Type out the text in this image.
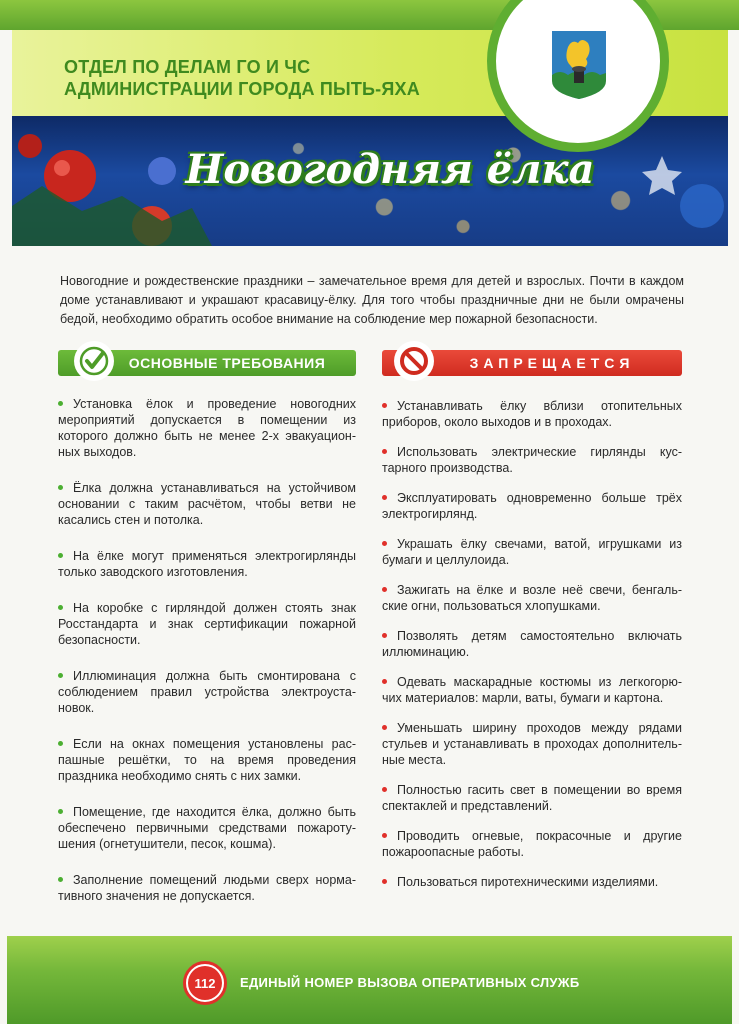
ОТДЕЛ ПО ДЕЛАМ ГО И ЧС
АДМИНИСТРАЦИИ ГОРОДА ПЫТЬ-ЯХА
Новогодняя ёлка
Новогодние и рождественские праздники – замечательное время для детей и взрослых. Почти в каждом доме устанавливают и украшают красавицу-ёлку. Для того чтобы праздничные дни не были омрачены бедой, необходимо обратить особое внимание на соблюдение мер пожарной безопасности.
ОСНОВНЫЕ ТРЕБОВАНИЯ
Установка ёлок и проведение новогодних мероприятий допускается в помещении из которого должно быть не менее 2-х эвакуацион-ных выходов.
Ёлка должна устанавливаться на устойчивом основании с таким расчётом, чтобы ветви не касались стен и потолка.
На ёлке могут применяться электрогирлянды только заводского изготовления.
На коробке с гирляндой должен стоять знак Росстандарта и знак сертификации пожарной безопасности.
Иллюминация должна быть смонтирована с соблюдением правил устройства электроуста-новок.
Если на окнах помещения установлены рас-пашные решётки, то на время проведения праздника необходимо снять с них замки.
Помещение, где находится ёлка, должно быть обеспечено первичными средствами пожароту-шения (огнетушители, песок, кошма).
Заполнение помещений людьми сверх норма-тивного значения не допускается.
ЗАПРЕЩАЕТСЯ
Устанавливать ёлку вблизи отопительных приборов, около выходов и в проходах.
Использовать электрические гирлянды кус-тарного производства.
Эксплуатировать одновременно больше трёх электрогирлянд.
Украшать ёлку свечами, ватой, игрушками из бумаги и целлулоида.
Зажигать на ёлке и возле неё свечи, бенгаль-ские огни, пользоваться хлопушками.
Позволять детям самостоятельно включать иллюминацию.
Одевать маскарадные костюмы из легкогорю-чих материалов: марли, ваты, бумаги и картона.
Уменьшать ширину проходов между рядами стульев и устанавливать в проходах дополнитель-ные места.
Полностью гасить свет в помещении во время спектаклей и представлений.
Проводить огневые, покрасочные и другие пожароопасные работы.
Пользоваться пиротехническими изделиями.
112	ЕДИНЫЙ НОМЕР ВЫЗОВА ОПЕРАТИВНЫХ СЛУЖБ
